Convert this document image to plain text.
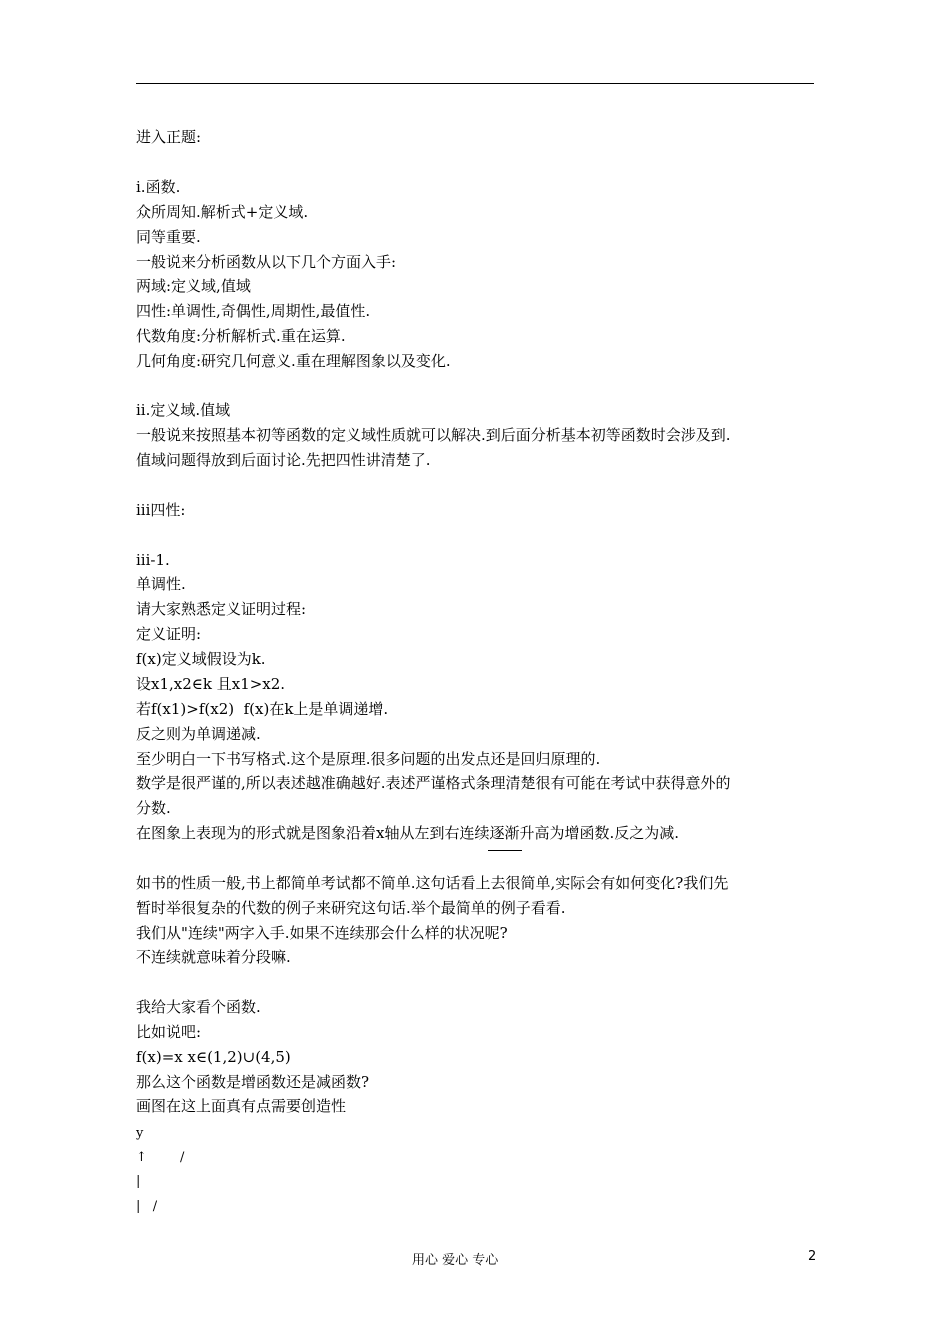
进入正题:
i.函数.
众所周知.解析式+定义域.
同等重要.
一般说来分析函数从以下几个方面入手:
两域:定义域,值域
四性:单调性,奇偶性,周期性,最值性.
代数角度:分析解析式.重在运算.
几何角度:研究几何意义.重在理解图象以及变化.
ii.定义域.值域
一般说来按照基本初等函数的定义域性质就可以解决.到后面分析基本初等函数时会涉及到.
值域问题得放到后面讨论.先把四性讲清楚了.
iii四性:
iii-1.
单调性.
请大家熟悉定义证明过程:
定义证明:
f(x)定义域假设为k.
设x1,x2∈k 且x1>x2.
若f(x1)>f(x2)  f(x)在k上是单调递增.
反之则为单调递减.
至少明白一下书写格式.这个是原理.很多问题的出发点还是回归原理的.
数学是很严谨的,所以表述越准确越好.表述严谨格式条理清楚很有可能在考试中获得意外的
分数.
在图象上表现为的形式就是图象沿着x轴从左到右连续逐渐升高为增函数.反之为减.
如书的性质一般,书上都简单考试都不简单.这句话看上去很简单,实际会有如何变化?我们先
暂时举很复杂的代数的例子来研究这句话.举个最简单的例子看看.
我们从"连续"两字入手.如果不连续那会什么样的状况呢?
不连续就意味着分段嘛.
我给大家看个函数.
比如说吧:
f(x)=x x∈(1,2)∪(4,5)
那么这个函数是增函数还是减函数?
画图在这上面真有点需要创造性
y
↑        /
|
|   /
用心 爱心 专心	2
